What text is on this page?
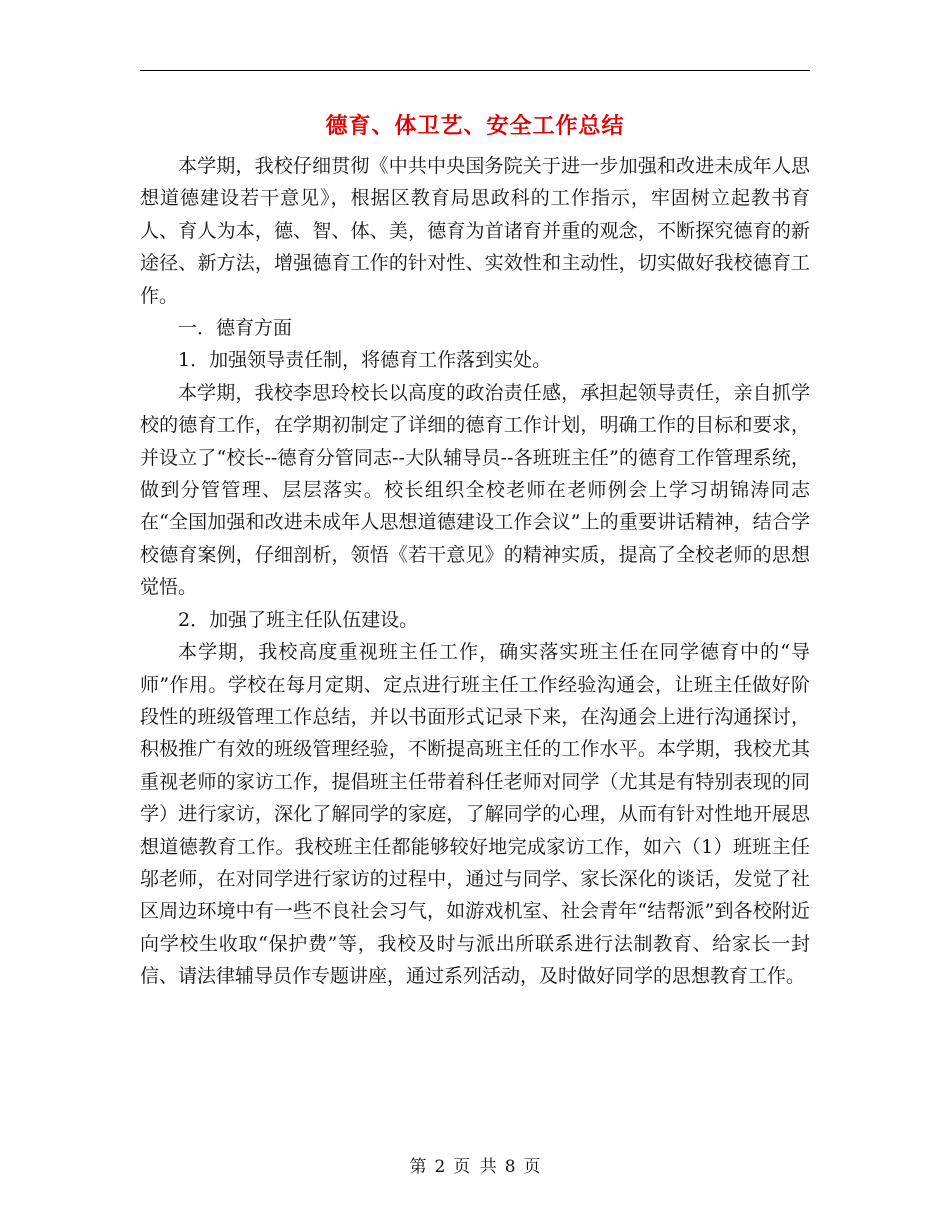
德育、体卫艺、安全工作总结

本学期，我校仔细贯彻《中共中央国务院关于进一步加强和改进未成年人思想道德建设若干意见》，根据区教育局思政科的工作指示，牢固树立起教书育人、育人为本，德、智、体、美，德育为首诸育并重的观念，不断探究德育的新途径、新方法，增强德育工作的针对性、实效性和主动性，切实做好我校德育工作。

一．德育方面

1．加强领导责任制，将德育工作落到实处。

本学期，我校李思玲校长以高度的政治责任感，承担起领导责任，亲自抓学校的德育工作，在学期初制定了详细的德育工作计划，明确工作的目标和要求，并设立了“校长--德育分管同志--大队辅导员--各班班主任”的德育工作管理系统，做到分管管理、层层落实。校长组织全校老师在老师例会上学习胡锦涛同志在“全国加强和改进未成年人思想道德建设工作会议”上的重要讲话精神，结合学校德育案例，仔细剖析，领悟《若干意见》的精神实质，提高了全校老师的思想觉悟。

2．加强了班主任队伍建设。

本学期，我校高度重视班主任工作，确实落实班主任在同学德育中的“导师”作用。学校在每月定期、定点进行班主任工作经验沟通会，让班主任做好阶段性的班级管理工作总结，并以书面形式记录下来，在沟通会上进行沟通探讨，积极推广有效的班级管理经验，不断提高班主任的工作水平。本学期，我校尤其重视老师的家访工作，提倡班主任带着科任老师对同学（尤其是有特别表现的同学）进行家访，深化了解同学的家庭，了解同学的心理，从而有针对性地开展思想道德教育工作。我校班主任都能够较好地完成家访工作，如六（1）班班主任邬老师，在对同学进行家访的过程中，通过与同学、家长深化的谈话，发觉了社区周边环境中有一些不良社会习气，如游戏机室、社会青年“结帮派”到各校附近向学校生收取“保护费”等，我校及时与派出所联系进行法制教育、给家长一封信、请法律辅导员作专题讲座，通过系列活动，及时做好同学的思想教育工作。

第 2 页 共 8 页
